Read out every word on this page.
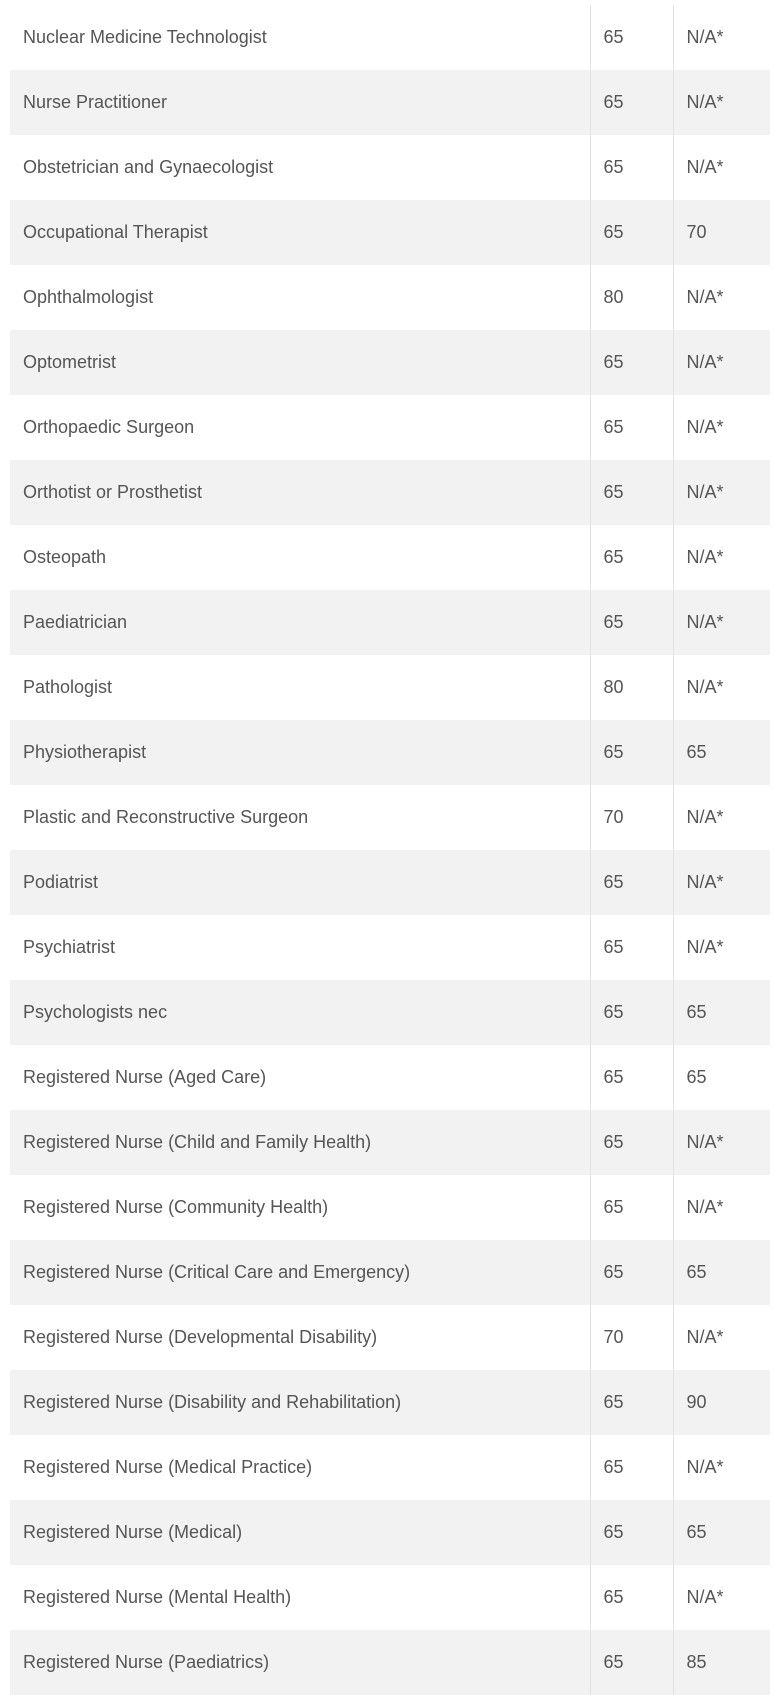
Nuclear Medicine Technologist	65	N/A*
Nurse Practitioner	65	N/A*
Obstetrician and Gynaecologist	65	N/A*
Occupational Therapist	65	70
Ophthalmologist	80	N/A*
Optometrist	65	N/A*
Orthopaedic Surgeon	65	N/A*
Orthotist or Prosthetist	65	N/A*
Osteopath	65	N/A*
Paediatrician	65	N/A*
Pathologist	80	N/A*
Physiotherapist	65	65
Plastic and Reconstructive Surgeon	70	N/A*
Podiatrist	65	N/A*
Psychiatrist	65	N/A*
Psychologists nec	65	65
Registered Nurse (Aged Care)	65	65
Registered Nurse (Child and Family Health)	65	N/A*
Registered Nurse (Community Health)	65	N/A*
Registered Nurse (Critical Care and Emergency)	65	65
Registered Nurse (Developmental Disability)	70	N/A*
Registered Nurse (Disability and Rehabilitation)	65	90
Registered Nurse (Medical Practice)	65	N/A*
Registered Nurse (Medical)	65	65
Registered Nurse (Mental Health)	65	N/A*
Registered Nurse (Paediatrics)	65	85
